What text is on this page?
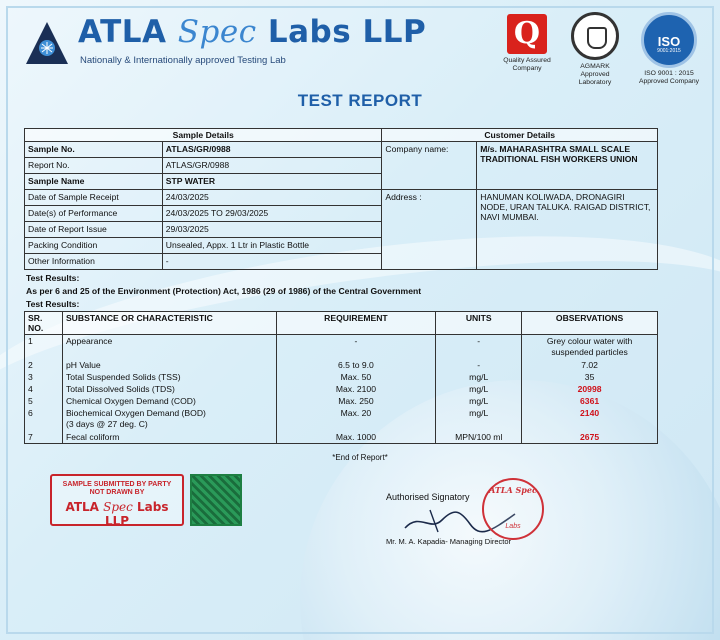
ATLA Spec Labs LLP
Nationally & Internationally approved Testing Lab
Q
Quality Assured Company	AGMARK Approved Laboratory
ISO
9001:2015
ISO 9001 : 2015 Approved Company
TEST REPORT
Sample Details		Customer Details	
Sample No.	ATLAS/GR/0988	Company name:	M/s. MAHARASHTRA SMALL SCALE TRADITIONAL FISH WORKERS UNION
Report No.	ATLAS/GR/0988		
Sample Name	STP WATER		
Date of Sample Receipt	24/03/2025	Address :	HANUMAN KOLIWADA, DRONAGIRI NODE, URAN TALUKA. RAIGAD DISTRICT, NAVI MUMBAI.
Date(s) of Performance	24/03/2025 TO 29/03/2025		
Date of Report Issue	29/03/2025		
Packing Condition	Unsealed, Appx. 1 Ltr in Plastic Bottle		
Other Information	-		
Test Results:
As per 6 and 25 of the Environment (Protection) Act, 1986 (29 of 1986) of the Central Government
Test Results:
SR. NO.	SUBSTANCE OR CHARACTERISTIC	REQUIREMENT	UNITS	OBSERVATIONS
1	Appearance	-	-	Grey colour water with suspended particles
2	pH Value	6.5 to 9.0	-	7.02
3	Total Suspended Solids (TSS)	Max. 50	mg/L	35
4	Total Dissolved Solids (TDS)	Max. 2100	mg/L	20998
5	Chemical Oxygen Demand (COD)	Max. 250	mg/L	6361
6	Biochemical Oxygen Demand (BOD)
(3 days @ 27 deg. C)	Max. 20	mg/L	2140
7	Fecal coliform	Max. 1000	MPN/100 ml	2675
*End of Report*
SAMPLE SUBMITTED BY PARTY
NOT DRAWN BY
ATLA Spec Labs LLP
Authorised Signatory
ATLA Spec
Labs
Mr. M. A. Kapadia- Managing Director
